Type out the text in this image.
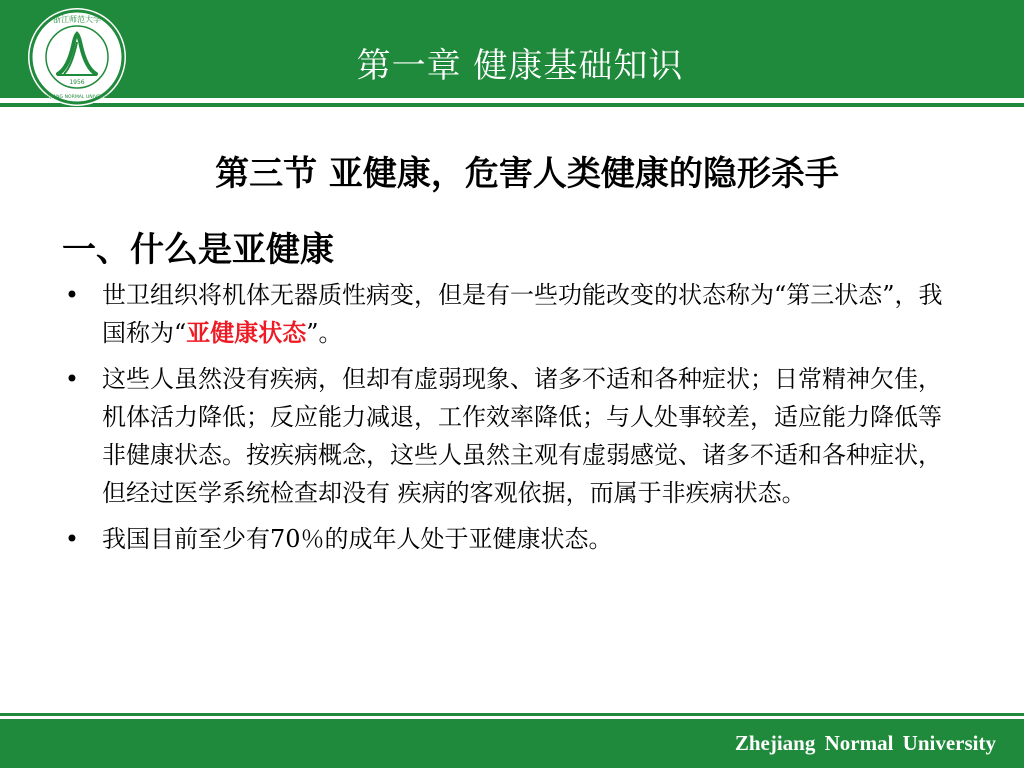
第一章 健康基础知识
1956
浙江师范大学
ZHEJIANG NORMAL UNIVERSITY
第三节 亚健康，危害人类健康的隐形杀手
一、什么是亚健康
• 世卫组织将机体无器质性病变，但是有一些功能改变的状态称为“第三状态”，我国称为“亚健康状态”。
• 这些人虽然没有疾病，但却有虚弱现象、诸多不适和各种症状；日常精神欠佳，机体活力降低；反应能力减退，工作效率降低；与人处事较差，适应能力降低等非健康状态。按疾病概念，这些人虽然主观有虚弱感觉、诸多不适和各种症状，但经过医学系统检查却没有 疾病的客观依据，而属于非疾病状态。
• 我国目前至少有70％的成年人处于亚健康状态。
Zhejiang Normal University
